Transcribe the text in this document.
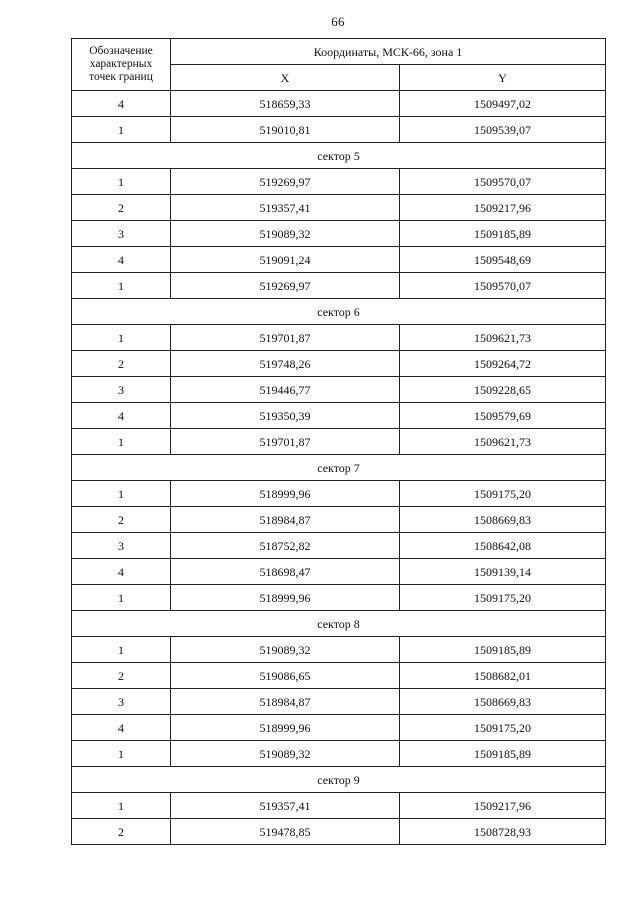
66
Обозначение
характерных
точек границ	Координаты, МСК-66, зона 1	
	X	Y
4	518659,33	1509497,02
1	519010,81	1509539,07
сектор 5		
1	519269,97	1509570,07
2	519357,41	1509217,96
3	519089,32	1509185,89
4	519091,24	1509548,69
1	519269,97	1509570,07
сектор 6		
1	519701,87	1509621,73
2	519748,26	1509264,72
3	519446,77	1509228,65
4	519350,39	1509579,69
1	519701,87	1509621,73
сектор 7		
1	518999,96	1509175,20
2	518984,87	1508669,83
3	518752,82	1508642,08
4	518698,47	1509139,14
1	518999,96	1509175,20
сектор 8		
1	519089,32	1509185,89
2	519086,65	1508682,01
3	518984,87	1508669,83
4	518999,96	1509175,20
1	519089,32	1509185,89
сектор 9		
1	519357,41	1509217,96
2	519478,85	1508728,93
